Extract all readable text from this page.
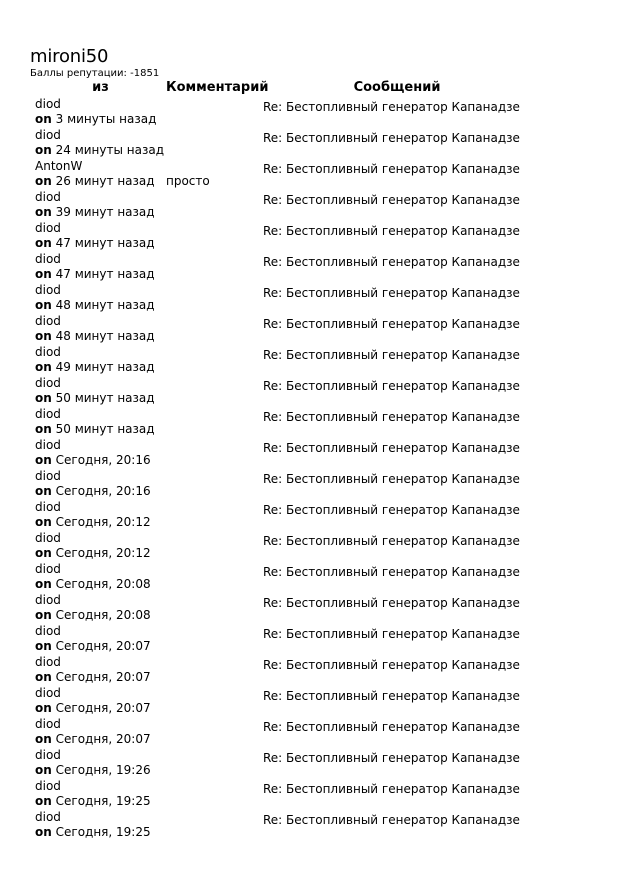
mironi50

Баллы репутации: -1851

из	Комментарий	Сообщений

diod
on 3 минуты назад		Re: Бестопливный генератор Капанадзе

diod
on 24 минуты назад		Re: Бестопливный генератор Капанадзе

AntonW
on 26 минут назад	просто	Re: Бестопливный генератор Капанадзе

diod
on 39 минут назад		Re: Бестопливный генератор Капанадзе

diod
on 47 минут назад		Re: Бестопливный генератор Капанадзе

diod
on 47 минут назад		Re: Бестопливный генератор Капанадзе

diod
on 48 минут назад		Re: Бестопливный генератор Капанадзе

diod
on 48 минут назад		Re: Бестопливный генератор Капанадзе

diod
on 49 минут назад		Re: Бестопливный генератор Капанадзе

diod
on 50 минут назад		Re: Бестопливный генератор Капанадзе

diod
on 50 минут назад		Re: Бестопливный генератор Капанадзе

diod
on Сегодня, 20:16		Re: Бестопливный генератор Капанадзе

diod
on Сегодня, 20:16		Re: Бестопливный генератор Капанадзе

diod
on Сегодня, 20:12		Re: Бестопливный генератор Капанадзе

diod
on Сегодня, 20:12		Re: Бестопливный генератор Капанадзе

diod
on Сегодня, 20:08		Re: Бестопливный генератор Капанадзе

diod
on Сегодня, 20:08		Re: Бестопливный генератор Капанадзе

diod
on Сегодня, 20:07		Re: Бестопливный генератор Капанадзе

diod
on Сегодня, 20:07		Re: Бестопливный генератор Капанадзе

diod
on Сегодня, 20:07		Re: Бестопливный генератор Капанадзе

diod
on Сегодня, 20:07		Re: Бестопливный генератор Капанадзе

diod
on Сегодня, 19:26		Re: Бестопливный генератор Капанадзе

diod
on Сегодня, 19:25		Re: Бестопливный генератор Капанадзе

diod
on Сегодня, 19:25		Re: Бестопливный генератор Капанадзе
